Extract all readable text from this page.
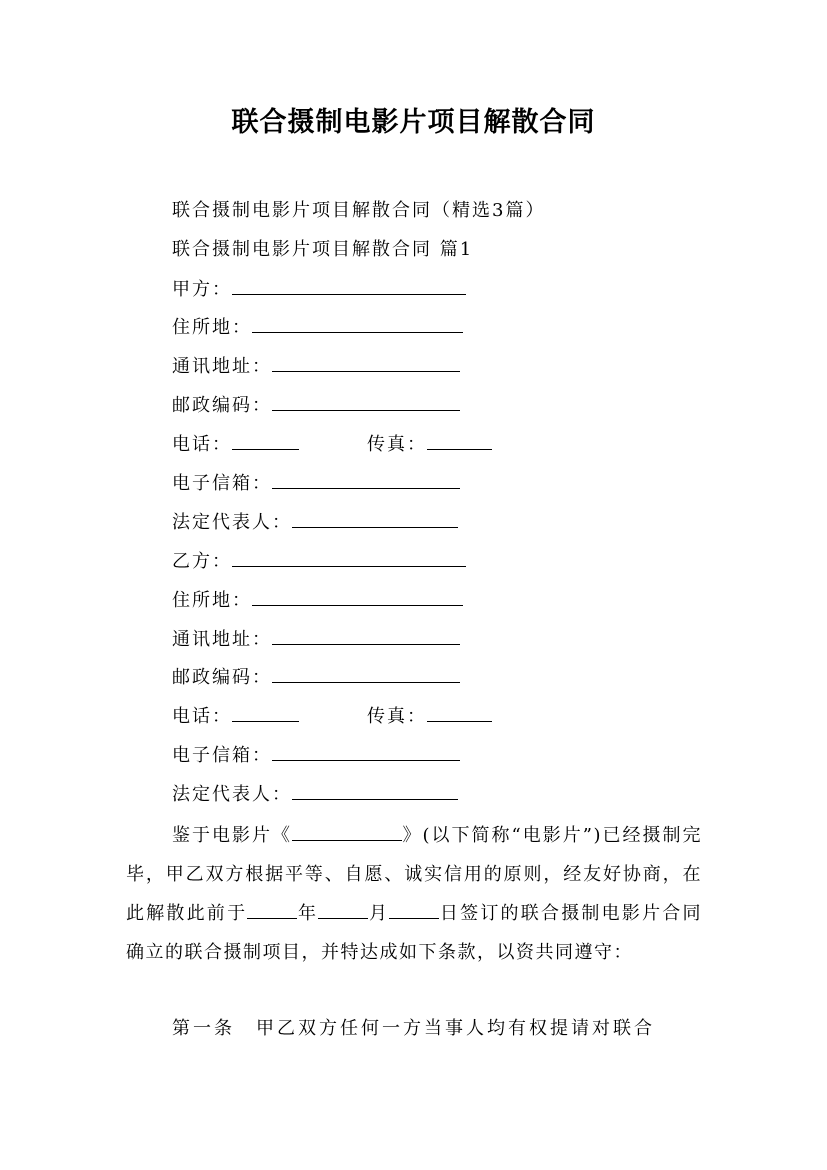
联合摄制电影片项目解散合同
联合摄制电影片项目解散合同（精选3篇）
联合摄制电影片项目解散合同 篇1
甲方：
住所地：
通讯地址：
邮政编码：
电话：	传真：
电子信箱：
法定代表人：
乙方：
住所地：
通讯地址：
邮政编码：
电话：	传真：
电子信箱：
法定代表人：
鉴于电影片《	》(以下简称“电影片”)已经摄制完毕，甲乙双方根据平等、自愿、诚实信用的原则，经友好协商，在此解散此前于	年	月	日签订的联合摄制电影片合同确立的联合摄制项目，并特达成如下条款，以资共同遵守：
第一条　甲乙双方任何一方当事人均有权提请对联合
